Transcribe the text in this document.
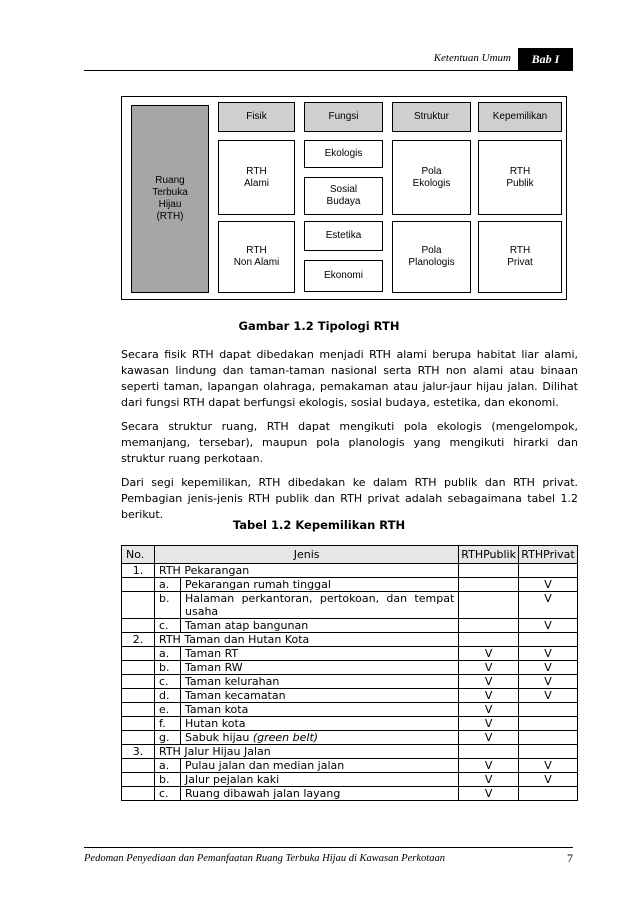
Ketentuan Umum	Bab I
Ruang
Terbuka
Hijau
(RTH)
Fisik	Fungsi	Struktur	Kepemilikan
RTH
Alami
RTH
Non Alami
Ekologis
Sosial
Budaya
Estetika
Ekonomi
Pola
Ekologis
Pola
Planologis
RTH
Publik
RTH
Privat
Gambar 1.2 Tipologi RTH

Secara fisik RTH dapat dibedakan menjadi RTH alami berupa habitat liar alami, kawasan lindung dan taman-taman nasional serta RTH non alami atau binaan seperti taman, lapangan olahraga, pemakaman atau jalur-jaur hijau jalan. Dilihat dari fungsi RTH dapat berfungsi ekologis, sosial budaya, estetika, dan ekonomi.

Secara struktur ruang, RTH dapat mengikuti pola ekologis (mengelompok, memanjang, tersebar), maupun pola planologis yang mengikuti hirarki dan struktur ruang perkotaan.

Dari segi kepemilikan, RTH dibedakan ke dalam RTH publik dan RTH privat. Pembagian jenis-jenis RTH publik dan RTH privat adalah sebagaimana tabel 1.2 berikut.

Tabel 1.2 Kepemilikan RTH
No.	Jenis		RTHPublik	RTHPrivat

1.	RTH Pekarangan			
	a.	Pekarangan rumah tinggal		V
	b.	Halaman perkantoran, pertokoan, dan tempat usaha		V
	c.	Taman atap bangunan		V
2.	RTH Taman dan Hutan Kota			
	a.	Taman RT	V	V
	b.	Taman RW	V	V
	c.	Taman kelurahan	V	V
	d.	Taman kecamatan	V	V
	e.	Taman kota	V	
	f.	Hutan kota	V	
	g.	Sabuk hijau (green belt)	V	
3.	RTH Jalur Hijau Jalan			
	a.	Pulau jalan dan median jalan	V	V
	b.	Jalur pejalan kaki	V	V
	c.	Ruang dibawah jalan layang	V	
Pedoman Penyediaan dan Pemanfaatan Ruang Terbuka Hijau di Kawasan Perkotaan	7
